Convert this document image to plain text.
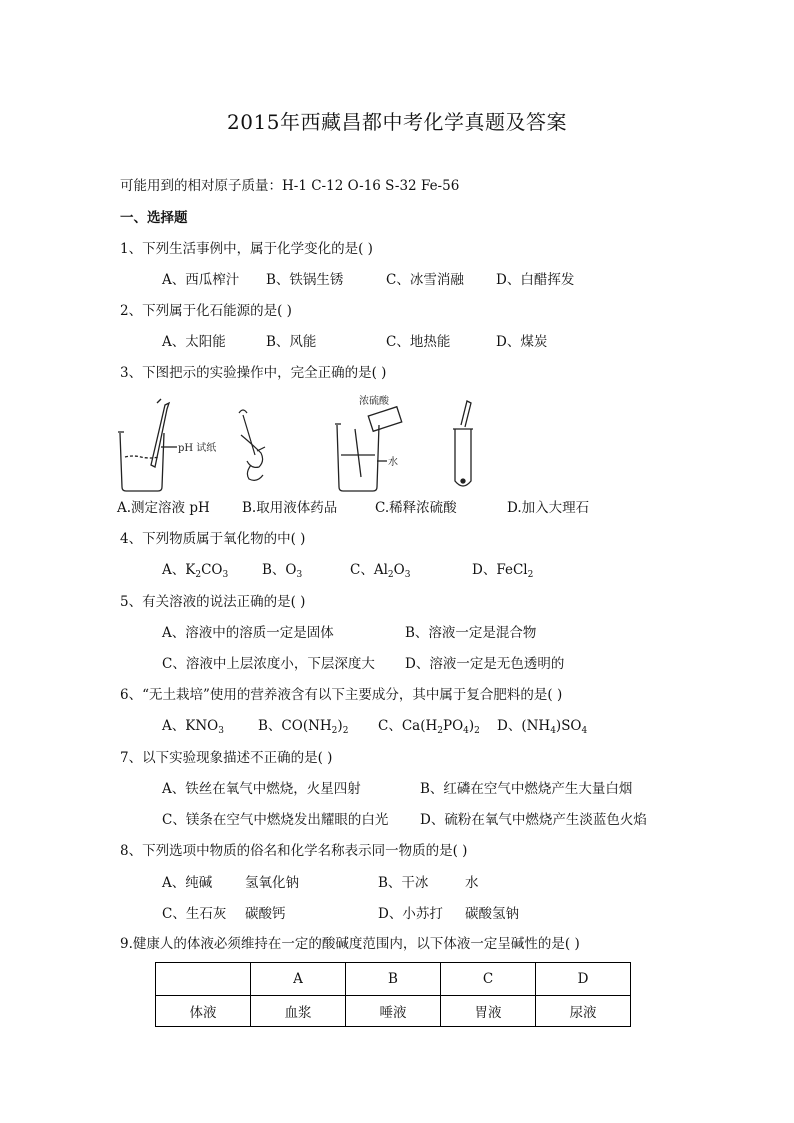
2015年西藏昌都中考化学真题及答案
可能用到的相对原子质量：H-1 C-12 O-16 S-32 Fe-56
一、选择题
1、下列生活事例中，属于化学变化的是( )
A、西瓜榨汁 B、铁锅生锈	C、冰雪消融 D、白醋挥发
2、下列属于化石能源的是( )
A、太阳能	B、风能	C、地热能	D、煤炭
3、下图把示的实验操作中，完全正确的是( )
pH 试纸
浓硫酸
水
A.测定溶液 pH B.取用液体药品	C.稀释浓硫酸	D.加入大理石
4、下列物质属于氧化物的中( )
A、$K_2CO_3$	B、$O_3$	C、$Al_2O_3$	D、FeCl$_2$
5、有关溶液的说法正确的是( )
A、溶液中的溶质一定是固体	B、溶液一定是混合物
C、溶液中上层浓度小，下层深度大 D、溶液一定是无色透明的
6、“无土栽培”使用的营养液含有以下主要成分，其中属于复合肥料的是( )
A、$KNO_3$	B、$CO(NH_2)_2$ C、$Ca(H_2PO_4)_2$ D、$(NH_4)SO_4$
7、以下实验现象描述不正确的是( )
A、铁丝在氧气中燃烧，火星四射	B、红磷在空气中燃烧产生大量白烟
C、镁条在空气中燃烧发出耀眼的白光 D、硫粉在氧气中燃烧产生淡蓝色火焰
8、下列选项中物质的俗名和化学名称表示同一物质的是( )
A、纯碱 氢氧化钠	B、干冰	水
C、生石灰 碳酸钙	D、小苏打 碳酸氢钠
9.健康人的体液必须维持在一定的酸碱度范围内，以下体液一定呈碱性的是( )
	A	B	C	D
体液	血浆	唾液	胃液	尿液
